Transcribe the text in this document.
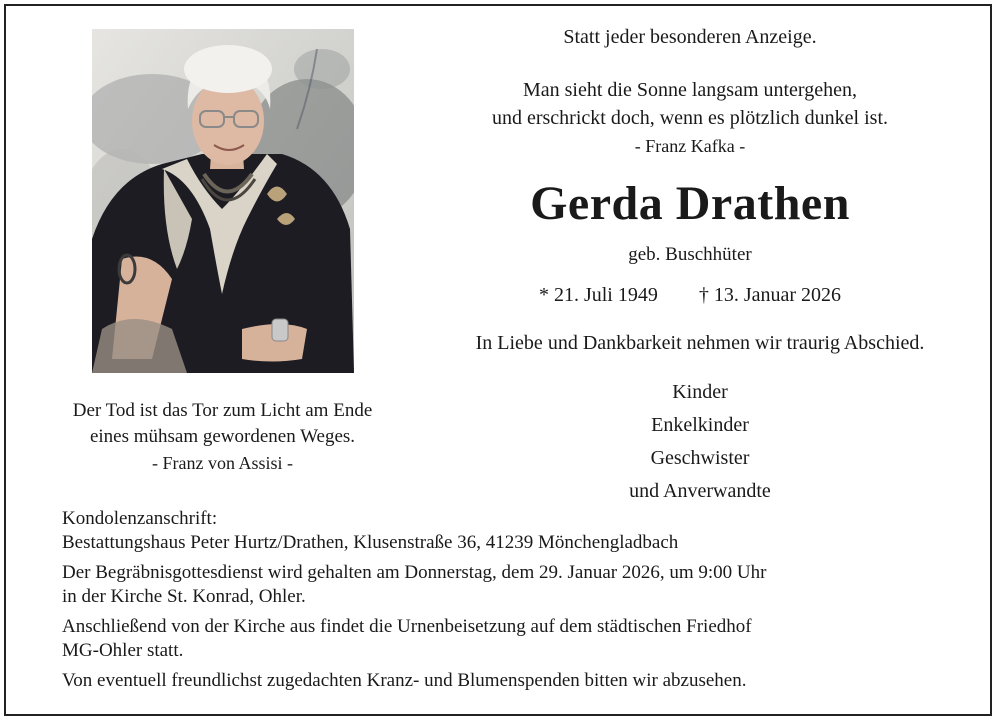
Statt jeder besonderen Anzeige.
Man sieht die Sonne langsam untergehen,
und erschrickt doch, wenn es plötzlich dunkel ist.
- Franz Kafka -
Gerda Drathen
geb. Buschhüter
* 21. Juli 1949 † 13. Januar 2026
In Liebe und Dankbarkeit nehmen wir traurig Abschied.
Kinder
Enkelkinder
Geschwister
und Anverwandte
Der Tod ist das Tor zum Licht am Ende
eines mühsam gewordenen Weges.
- Franz von Assisi -

Kondolenzanschrift:
Bestattungshaus Peter Hurtz/Drathen, Klusenstraße 36, 41239 Mönchengladbach

Der Begräbnisgottesdienst wird gehalten am Donnerstag, dem 29. Januar 2026, um 9:00 Uhr
in der Kirche St. Konrad, Ohler.

Anschließend von der Kirche aus findet die Urnenbeisetzung auf dem städtischen Friedhof
MG-Ohler statt.

Von eventuell freundlichst zugedachten Kranz- und Blumenspenden bitten wir abzusehen.
